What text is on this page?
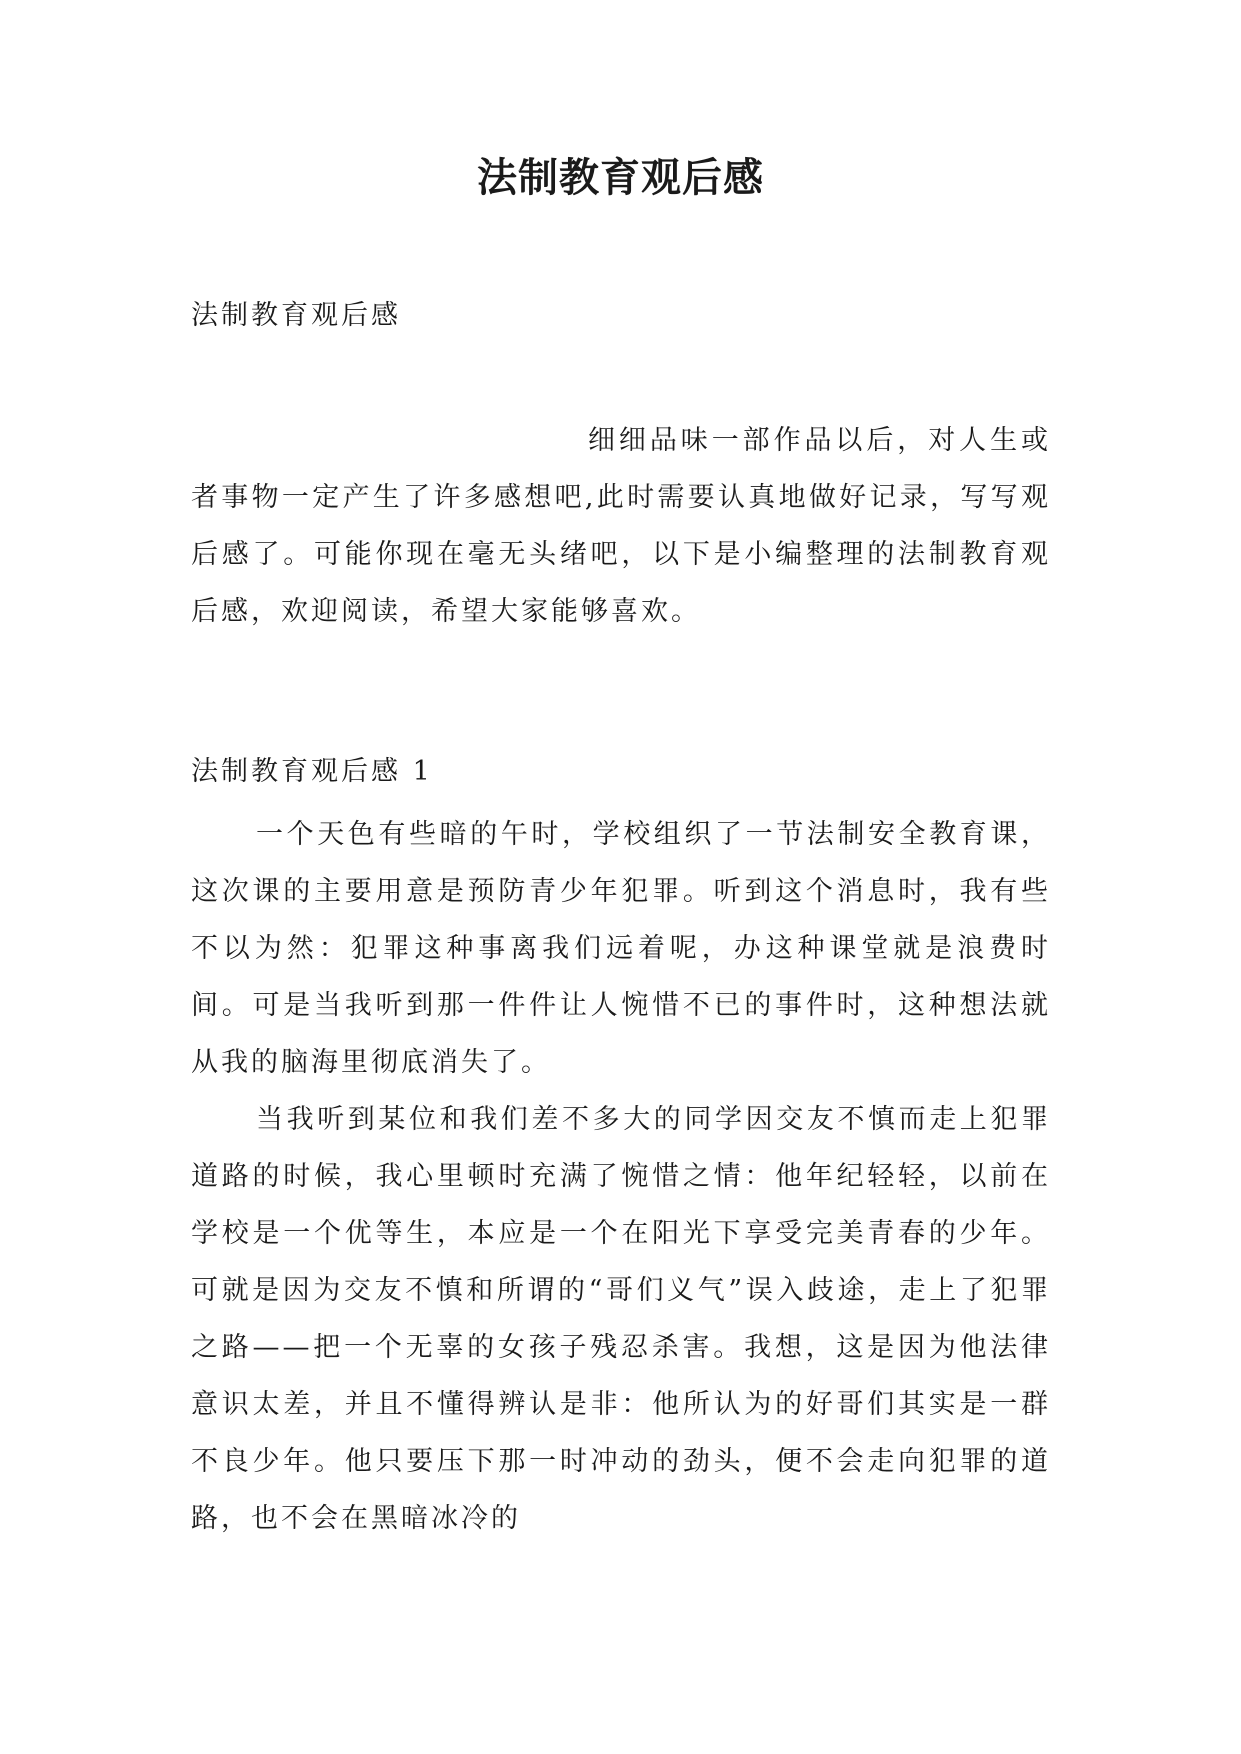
法制教育观后感
法制教育观后感
细细品味一部作品以后，对人生或者事物一定产生了许多感想吧,此时需要认真地做好记录，写写观后感了。可能你现在毫无头绪吧，以下是小编整理的法制教育观后感，欢迎阅读，希望大家能够喜欢。

法制教育观后感 1

一个天色有些暗的午时，学校组织了一节法制安全教育课，这次课的主要用意是预防青少年犯罪。听到这个消息时，我有些不以为然：犯罪这种事离我们远着呢，办这种课堂就是浪费时间。可是当我听到那一件件让人惋惜不已的事件时，这种想法就从我的脑海里彻底消失了。

当我听到某位和我们差不多大的同学因交友不慎而走上犯罪道路的时候，我心里顿时充满了惋惜之情：他年纪轻轻，以前在学校是一个优等生，本应是一个在阳光下享受完美青春的少年。可就是因为交友不慎和所谓的“哥们义气”误入歧途，走上了犯罪之路——把一个无辜的女孩子残忍杀害。我想，这是因为他法律意识太差，并且不懂得辨认是非：他所认为的好哥们其实是一群不良少年。他只要压下那一时冲动的劲头，便不会走向犯罪的道路，也不会在黑暗冰冷的
